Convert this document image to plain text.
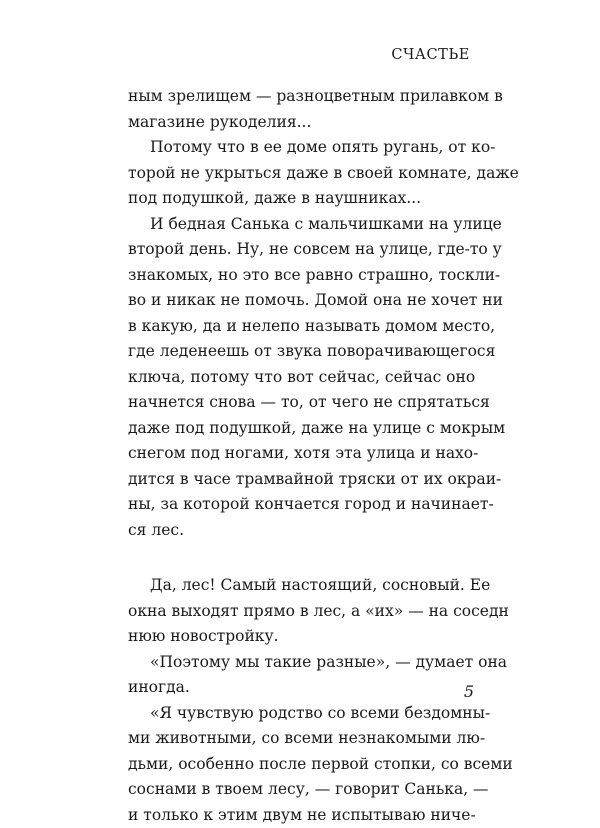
СЧАСТЬЕ
ным зрелищем — разноцветным прилавком в
магазине рукоделия...
Потому что в ее доме опять ругань, от ко-
торой не укрыться даже в своей комнате, даже
под подушкой, даже в наушниках...
И бедная Санька с мальчишками на улице
второй день. Ну, не совсем на улице, где-то у
знакомых, но это все равно страшно, тоскли-
во и никак не помочь. Домой она не хочет ни
в какую, да и нелепо называть домом место,
где леденеешь от звука поворачивающегося
ключа, потому что вот сейчас, сейчас оно
начнется снова — то, от чего не спрятаться
даже под подушкой, даже на улице с мокрым
снегом под ногами, хотя эта улица и нахо-
дится в часе трамвайной тряски от их окраи-
ны, за которой кончается город и начинает-
ся лес.
Да, лес! Самый настоящий, сосновый. Ее
окна выходят прямо в лес, а «их» — на соседн
нюю новостройку.
«Поэтому мы такие разные», — думает она
иногда.
«Я чувствую родство со всеми бездомны-
ми животными, со всеми незнакомыми лю-
дьми, особенно после первой стопки, со всеми
соснами в твоем лесу, — говорит Санька, —
и только к этим двум не испытываю ниче-
5
